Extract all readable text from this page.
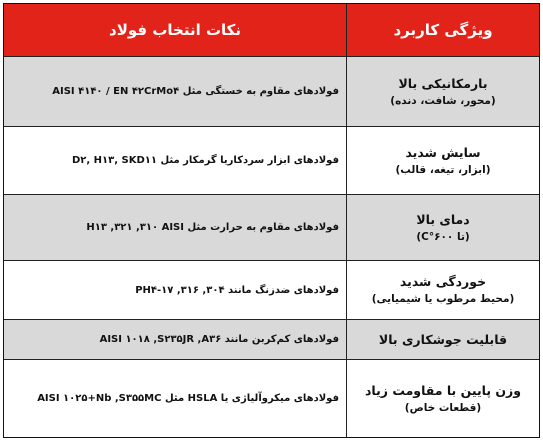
ویژگی کاربرد
نکات انتخاب فولاد
بارمکانیکی بالا
(محور، شافت، دنده)
فولادهای مقاوم به خستگی مثل AISI ۴۱۴۰ / EN ۴۲CrMo۴
سایش شدید
(ابزار، تیغه، قالب)
فولادهای ابزار سردکاریا گرمکار مثل D۲, H۱۳, SKD۱۱
دمای بالا
(تا ۶۰۰°C)
فولادهای مقاوم به حرارت مثل H۱۳ ,۳۲۱ ,۳۱۰ AISI
خوردگی شدید
(محیط مرطوب یا شیمیایی)
فولادهای ضدزنگ مانند ۳۰۴, ۳۱۶, PH۴-۱۷
قابلیت جوشکاری بالا
فولادهای کم‌کربن مانند AISI ۱۰۱۸ ,S۲۳۵JR ,A۳۶
وزن پایین با مقاومت زیاد
(قطعات خاص)
فولادهای میکروآلیاژی یا HSLA مثل AISI ۱۰۲۵+Nb ,S۳۵۵MC
